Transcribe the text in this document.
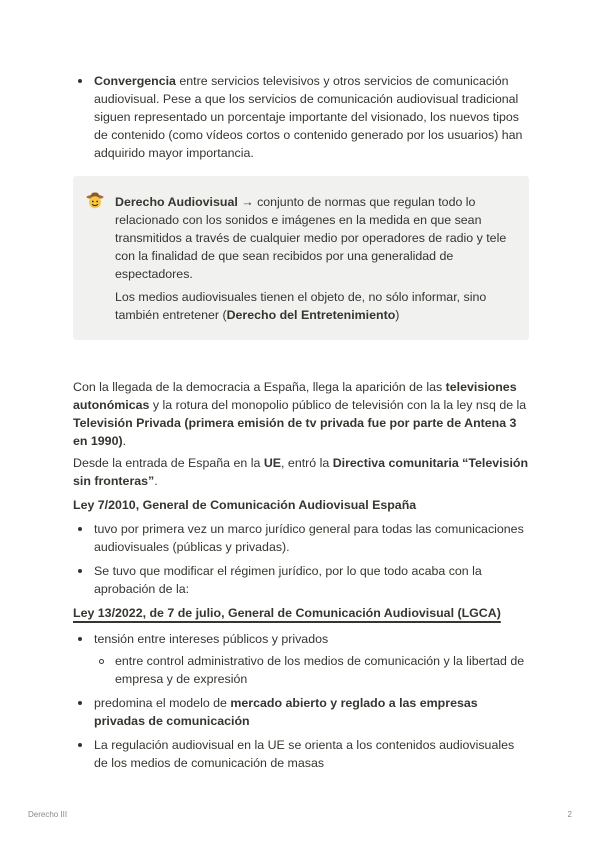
Convergencia entre servicios televisivos y otros servicios de comunicación audiovisual. Pese a que los servicios de comunicación audiovisual tradicional siguen representado un porcentaje importante del visionado, los nuevos tipos de contenido (como vídeos cortos o contenido generado por los usuarios) han adquirido mayor importancia.
Derecho Audiovisual → conjunto de normas que regulan todo lo relacionado con los sonidos e imágenes en la medida en que sean transmitidos a través de cualquier medio por operadores de radio y tele con la finalidad de que sean recibidos por una generalidad de espectadores.
Los medios audiovisuales tienen el objeto de, no sólo informar, sino también entretener (Derecho del Entretenimiento)

Con la llegada de la democracia a España, llega la aparición de las televisiones autonómicas y la rotura del monopolio público de televisión con la la ley nsq de la Televisión Privada (primera emisión de tv privada fue por parte de Antena 3 en 1990).

Desde la entrada de España en la UE, entró la Directiva comunitaria “Televisión sin fronteras”.

Ley 7/2010, General de Comunicación Audiovisual España
tuvo por primera vez un marco jurídico general para todas las comunicaciones audiovisuales (públicas y privadas).
Se tuvo que modificar el régimen jurídico, por lo que todo acaba con la aprobación de la:
Ley 13/2022, de 7 de julio, General de Comunicación Audiovisual (LGCA)
tensión entre intereses públicos y privados
entre control administrativo de los medios de comunicación y la libertad de empresa y de expresión
predomina el modelo de mercado abierto y reglado a las empresas privadas de comunicación
La regulación audiovisual en la UE se orienta a los contenidos audiovisuales de los medios de comunicación de masas
Derecho III	2
